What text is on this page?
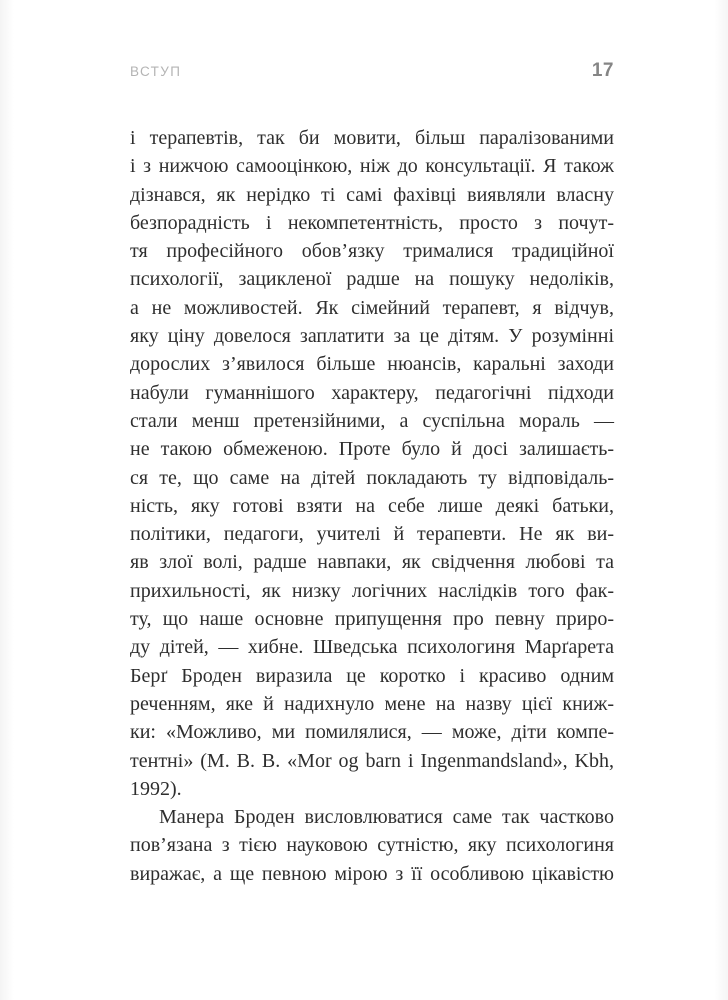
ВСТУП	17
і терапевтів, так би мовити, більш паралізованими
і з нижчою самооцінкою, ніж до консультації. Я також
дізнався, як нерідко ті самі фахівці виявляли власну
безпорадність і некомпетентність, просто з почут-
тя професійного обов’язку трималися традиційної
психології, зацикленої радше на пошуку недоліків,
а не можливостей. Як сімейний терапевт, я відчув,
яку ціну довелося заплатити за це дітям. У розумінні
дорослих з’явилося більше нюансів, каральні заходи
набули гуманнішого характеру, педагогічні підходи
стали менш претензійними, а суспільна мораль —
не такою обмеженою. Проте було й досі залишаєть-
ся те, що саме на дітей покладають ту відповідаль-
ність, яку готові взяти на себе лише деякі батьки,
політики, педагоги, учителі й терапевти. Не як ви-
яв злої волі, радше навпаки, як свідчення любові та
прихильності, як низку логічних наслідків того фак-
ту, що наше основне припущення про певну приро-
ду дітей, — хибне. Шведська психологиня Марґарета
Берґ Броден виразила це коротко і красиво одним
реченням, яке й надихнуло мене на назву цієї книж-
ки: «Можливо, ми помилялися, — може, діти компе-
тентні» (M. B. B. «Mor og barn i Ingenmandsland», Kbh,
1992).
Манера Броден висловлюватися саме так частково
пов’язана з тією науковою сутністю, яку психологиня
виражає, а ще певною мірою з її особливою цікавістю
